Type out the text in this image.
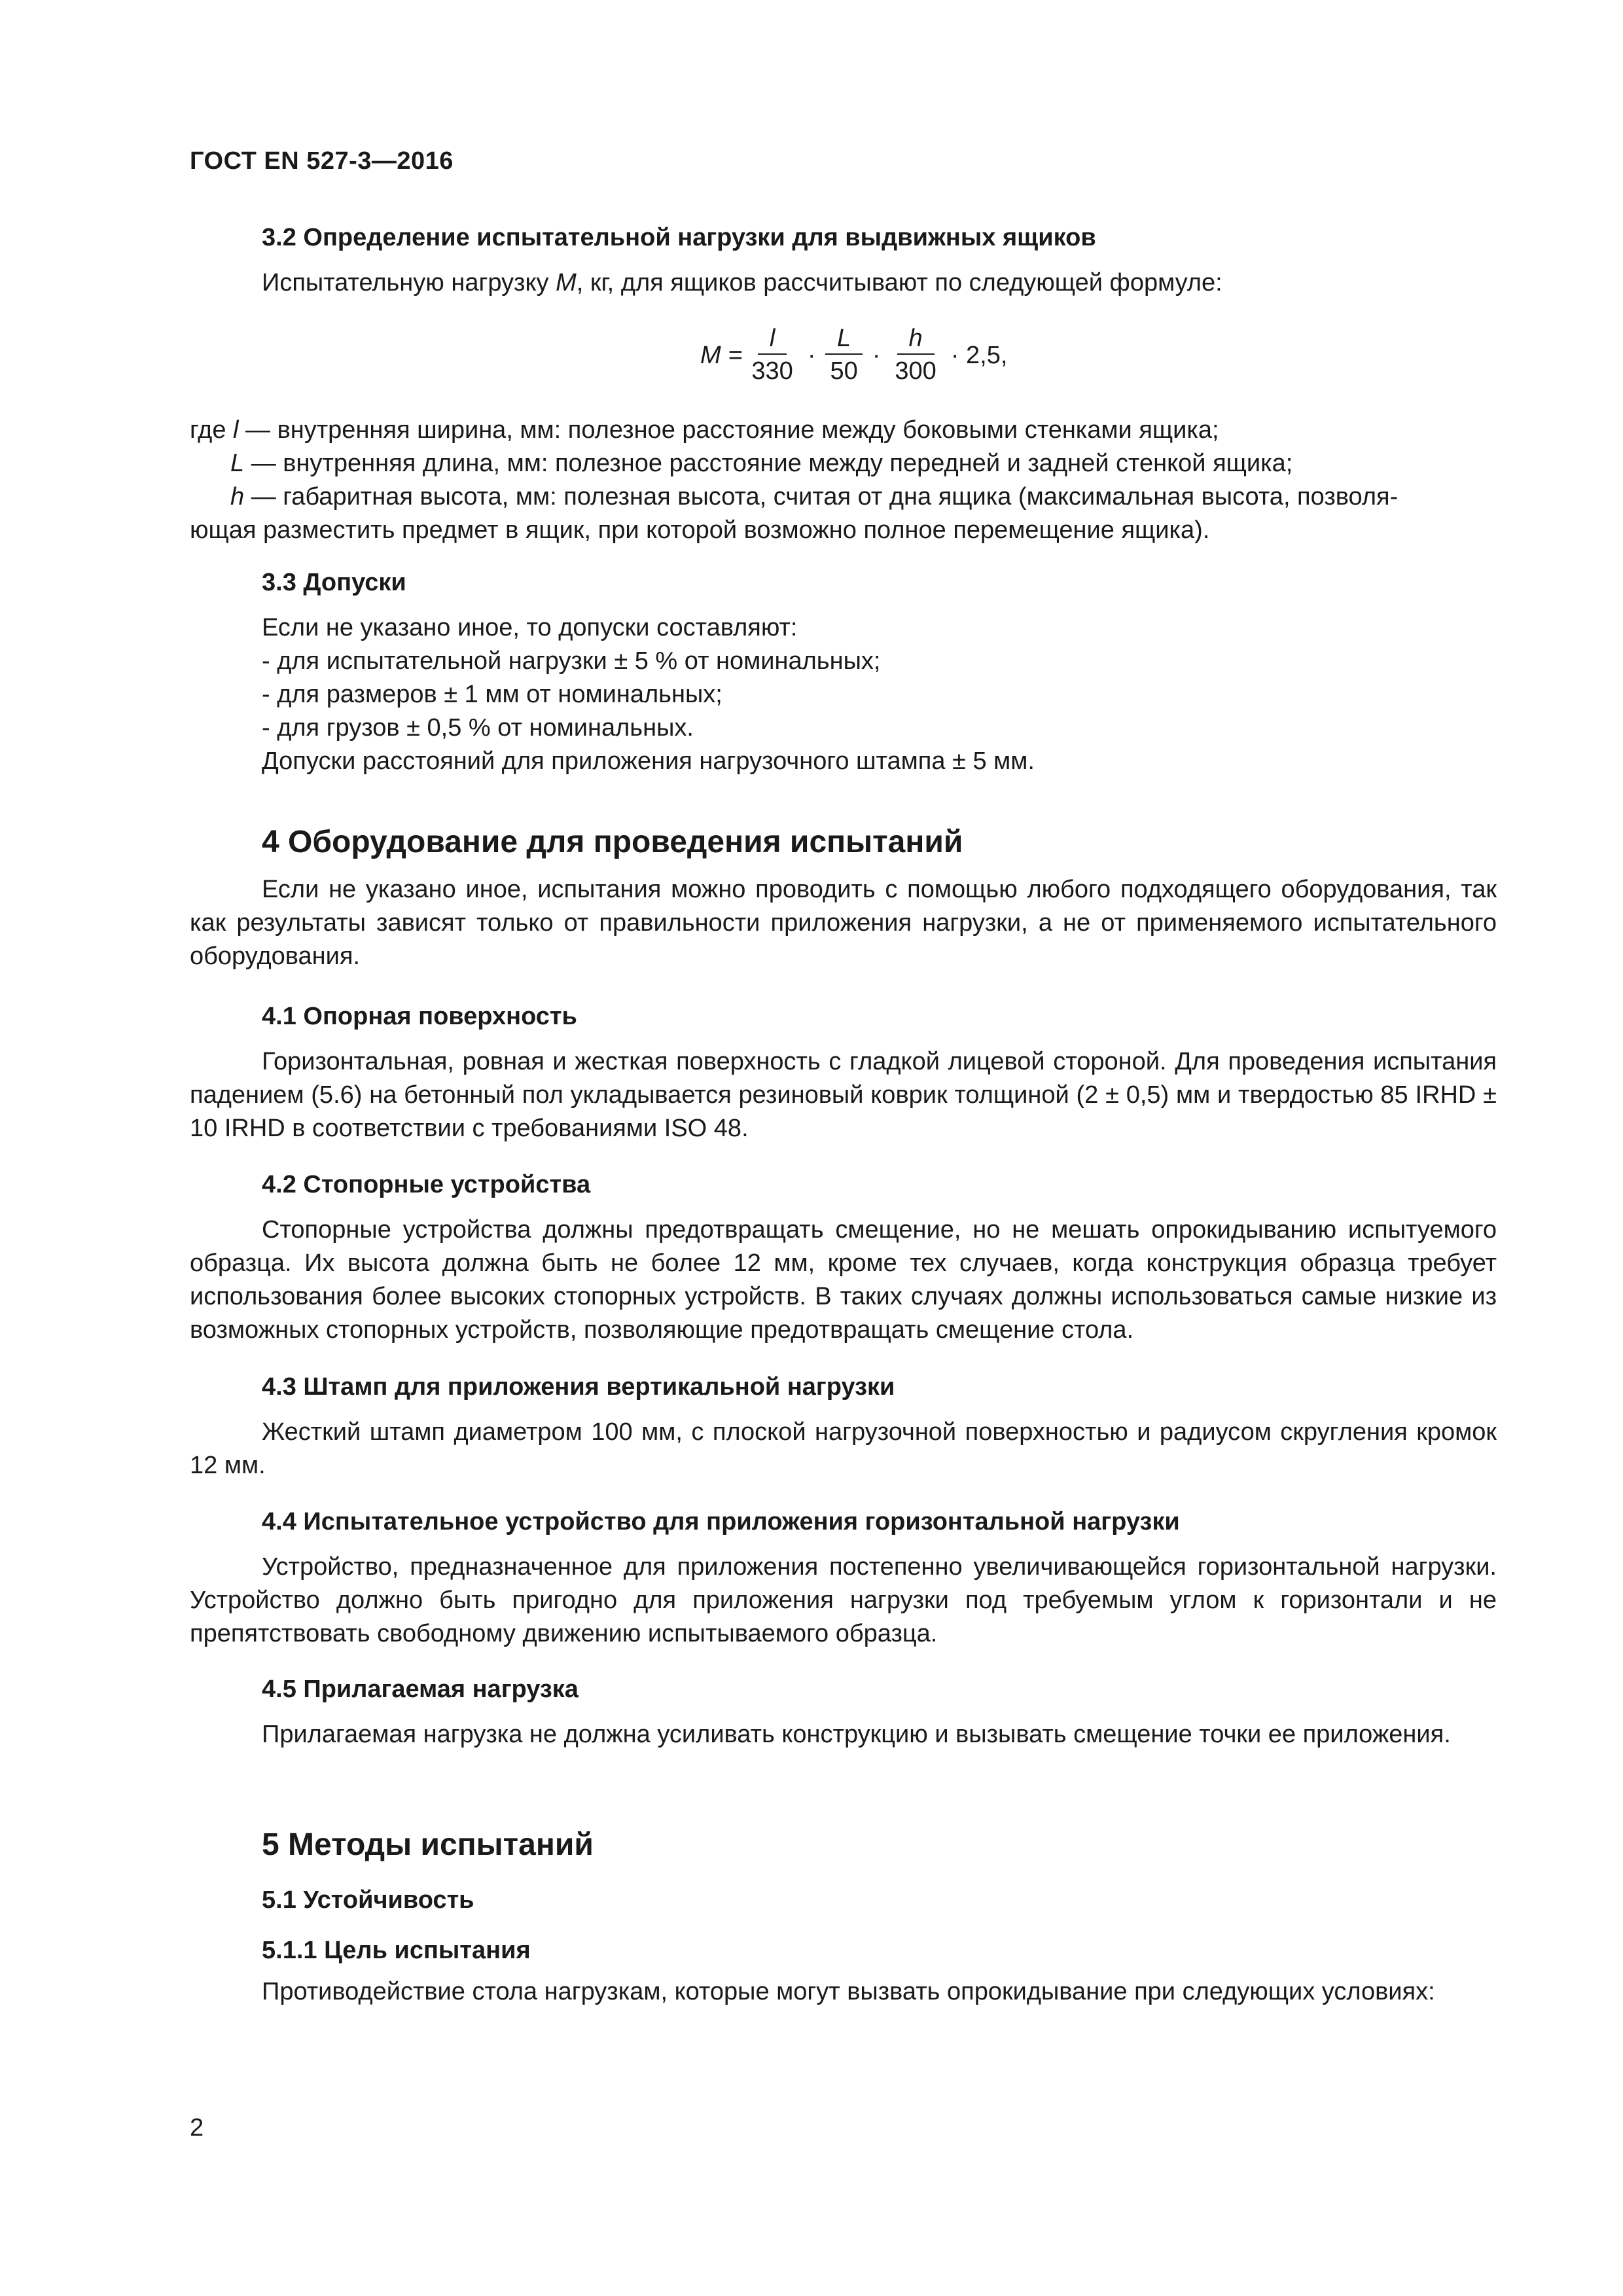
ГОСТ EN 527-3—2016
3.2 Определение испытательной нагрузки для выдвижных ящиков

Испытательную нагрузку M, кг, для ящиков рассчитывают по следующей формуле:

$M = \frac{l}{330} \cdot \frac{L}{50} \cdot \frac{h}{300} \cdot 2,5$,

где l — внутренняя ширина, мм: полезное расстояние между боковыми стенками ящика;

L — внутренняя длина, мм: полезное расстояние между передней и задней стенкой ящика;

h — габаритная высота, мм: полезная высота, считая от дна ящика (максимальная высота, позволя-

ющая разместить предмет в ящик, при которой возможно полное перемещение ящика).

3.3 Допуски
Если не указано иное, то допуски составляют:
- для испытательной нагрузки ± 5 % от номинальных;
- для размеров ± 1 мм от номинальных;
- для грузов ± 0,5 % от номинальных.
Допуски расстояний для приложения нагрузочного штампа ± 5 мм.
4 Оборудование для проведения испытаний

Если не указано иное, испытания можно проводить с помощью любого подходящего оборудования, так как результаты зависят только от правильности приложения нагрузки, а не от применяемого испытательного оборудования.

4.1 Опорная поверхность

Горизонтальная, ровная и жесткая поверхность с гладкой лицевой стороной. Для проведения испытания падением (5.6) на бетонный пол укладывается резиновый коврик толщиной (2 ± 0,5) мм и твердостью 85 IRHD ± 10 IRHD в соответствии с требованиями ISO 48.

4.2 Стопорные устройства

Стопорные устройства должны предотвращать смещение, но не мешать опрокидыванию испытуемого образца. Их высота должна быть не более 12 мм, кроме тех случаев, когда конструкция образца требует использования более высоких стопорных устройств. В таких случаях должны использоваться самые низкие из возможных стопорных устройств, позволяющие предотвращать смещение стола.

4.3 Штамп для приложения вертикальной нагрузки

Жесткий штамп диаметром 100 мм, с плоской нагрузочной поверхностью и радиусом скругления кромок 12 мм.

4.4 Испытательное устройство для приложения горизонтальной нагрузки

Устройство, предназначенное для приложения постепенно увеличивающейся горизонтальной нагрузки. Устройство должно быть пригодно для приложения нагрузки под требуемым углом к горизонтали и не препятствовать свободному движению испытываемого образца.

4.5 Прилагаемая нагрузка

Прилагаемая нагрузка не должна усиливать конструкцию и вызывать смещение точки ее приложения.

5 Методы испытаний
5.1 Устойчивость
5.1.1 Цель испытания

Противодействие стола нагрузкам, которые могут вызвать опрокидывание при следующих условиях:

2
